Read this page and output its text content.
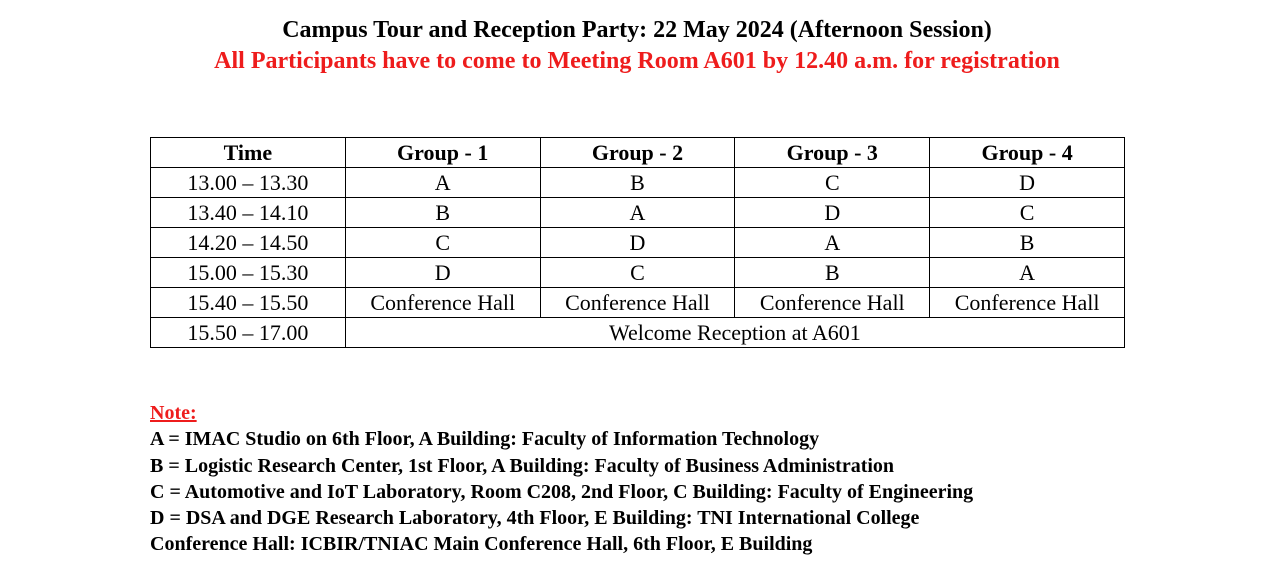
Campus Tour and Reception Party: 22 May 2024 (Afternoon Session)
All Participants have to come to Meeting Room A601 by 12.40 a.m. for registration
Time	Group - 1	Group - 2	Group - 3	Group - 4
13.00 – 13.30	A	B	C	D
13.40 – 14.10	B	A	D	C
14.20 – 14.50	C	D	A	B
15.00 – 15.30	D	C	B	A
15.40 – 15.50	Conference Hall	Conference Hall	Conference Hall	Conference Hall
15.50 – 17.00	Welcome Reception at A601			
Note:
A = IMAC Studio on 6th Floor, A Building: Faculty of Information Technology
B = Logistic Research Center, 1st Floor, A Building: Faculty of Business Administration
C = Automotive and IoT Laboratory, Room C208, 2nd Floor, C Building: Faculty of Engineering
D = DSA and DGE Research Laboratory, 4th Floor, E Building: TNI International College
Conference Hall: ICBIR/TNIAC Main Conference Hall, 6th Floor, E Building
